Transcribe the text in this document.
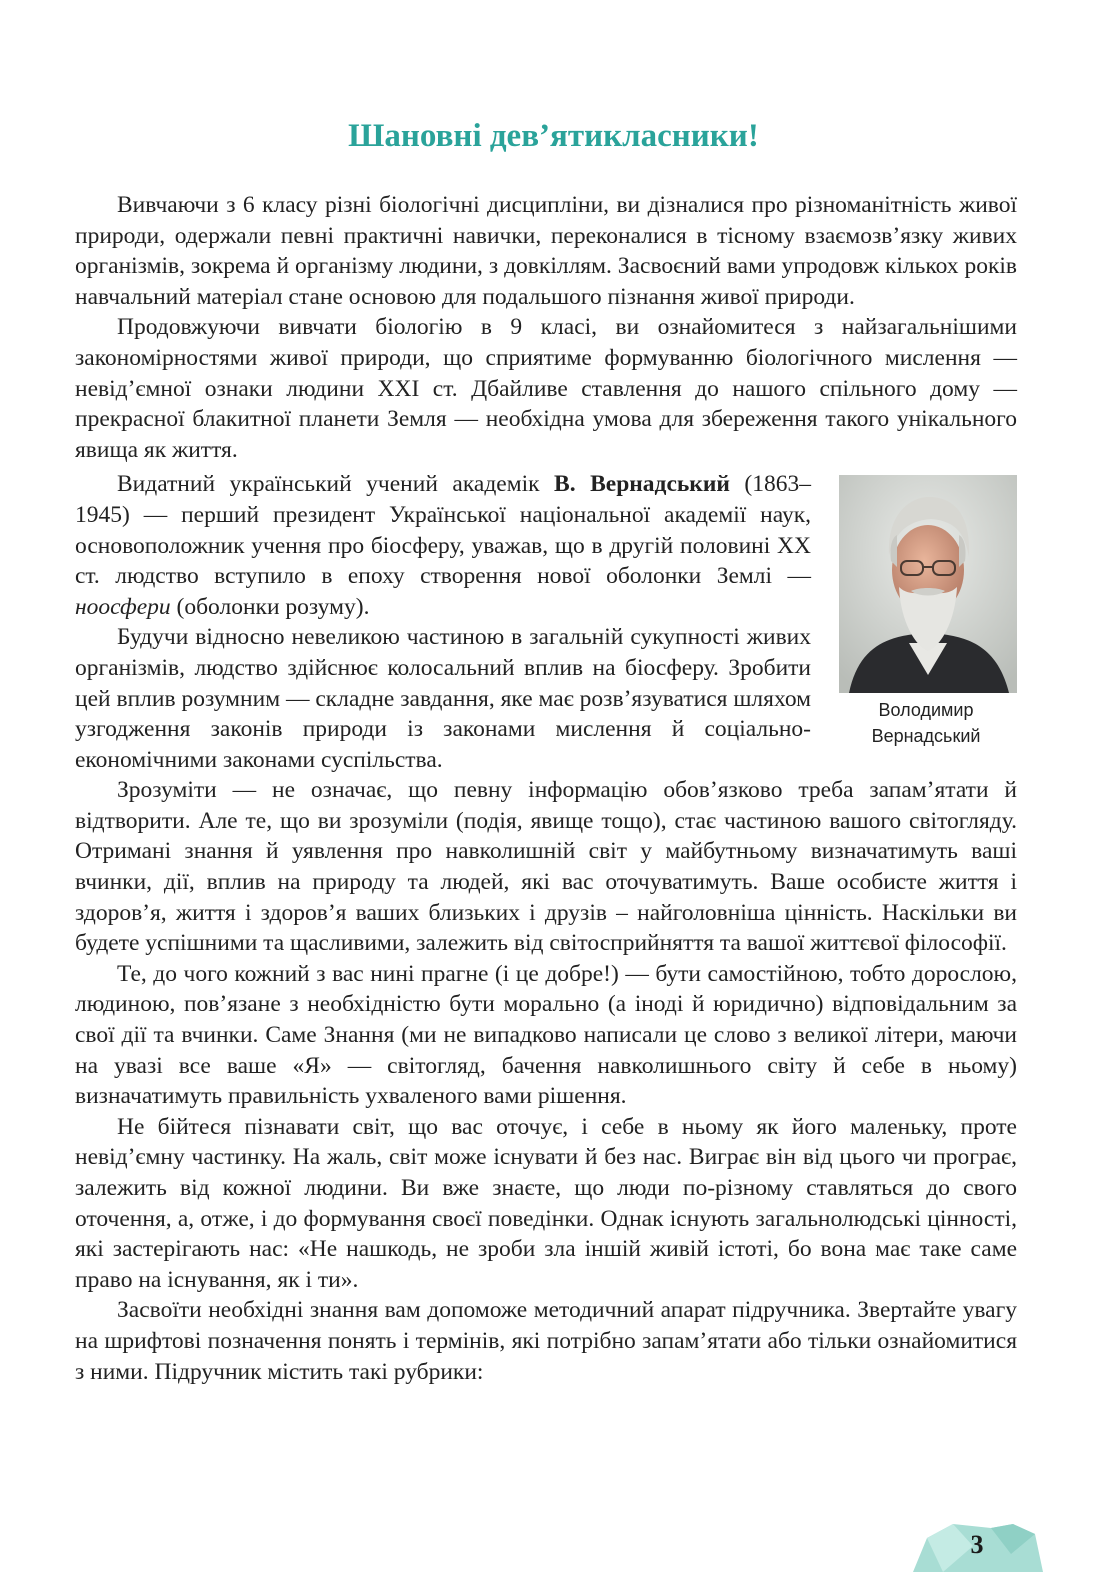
Шановні дев’ятикласники!

Вивчаючи з 6 класу різні біологічні дисципліни, ви дізналися про різноманітність живої природи, одержали певні практичні навички, переконалися в тісному взаємозв’язку живих організмів, зокрема й організму людини, з довкіллям. Засвоєний вами упродовж кількох років навчальний матеріал стане основою для подальшого пізнання живої природи.

Продовжуючи вивчати біологію в 9 класі, ви ознайомитеся з найзагальнішими закономірностями живої природи, що сприятиме формуванню біологічного мислення — невід’ємної ознаки людини XXI ст. Дбайливе ставлення до нашого спільного дому — прекрасної блакитної планети Земля — необхідна умова для збереження такого унікального явища як життя.

Володимир
Вернадський

Видатний український учений академік В. Вернадський (1863–1945) — перший президент Української національної академії наук, основоположник учення про біосферу, уважав, що в другій половині XX ст. людство вступило в епоху створення нової оболонки Землі — ноосфери (оболонки розуму).

Будучи відносно невеликою частиною в загальній сукупності живих організмів, людство здійснює колосальний вплив на біосферу. Зробити цей вплив розумним — складне завдання, яке має розв’язуватися шляхом узгодження законів природи із законами мислення й соціально-економічними законами суспільства.

Зрозуміти — не означає, що певну інформацію обов’язково треба запам’ятати й відтворити. Але те, що ви зрозуміли (подія, явище тощо), стає частиною вашого світогляду. Отримані знання й уявлення про навколишній світ у майбутньому визначатимуть ваші вчинки, дії, вплив на природу та людей, які вас оточуватимуть. Ваше особисте життя і здоров’я, життя і здоров’я ваших близьких і друзів – найголовніша цінність. Наскільки ви будете успішними та щасливими, залежить від світосприйняття та вашої життєвої філософії.

Те, до чого кожний з вас нині прагне (і це добре!) — бути самостійною, тобто дорослою, людиною, пов’язане з необхідністю бути морально (а іноді й юридично) відповідальним за свої дії та вчинки. Саме Знання (ми не випадково написали це слово з великої літери, маючи на увазі все ваше «Я» — світогляд, бачення навколишнього світу й себе в ньому) визначатимуть правильність ухваленого вами рішення.

Не бійтеся пізнавати світ, що вас оточує, і себе в ньому як його маленьку, проте невід’ємну частинку. На жаль, світ може існувати й без нас. Виграє він від цього чи програє, залежить від кожної людини. Ви вже знаєте, що люди по-різному ставляться до свого оточення, а, отже, і до формування своєї поведінки. Однак існують загальнолюдські цінності, які застерігають нас: «Не нашкодь, не зроби зла іншій живій істоті, бо вона має таке саме право на існування, як і ти».

Засвоїти необхідні знання вам допоможе методичний апарат підручника. Звертайте увагу на шрифтові позначення понять і термінів, які потрібно запам’ятати або тільки ознайомитися з ними. Підручник містить такі рубрики:

3
